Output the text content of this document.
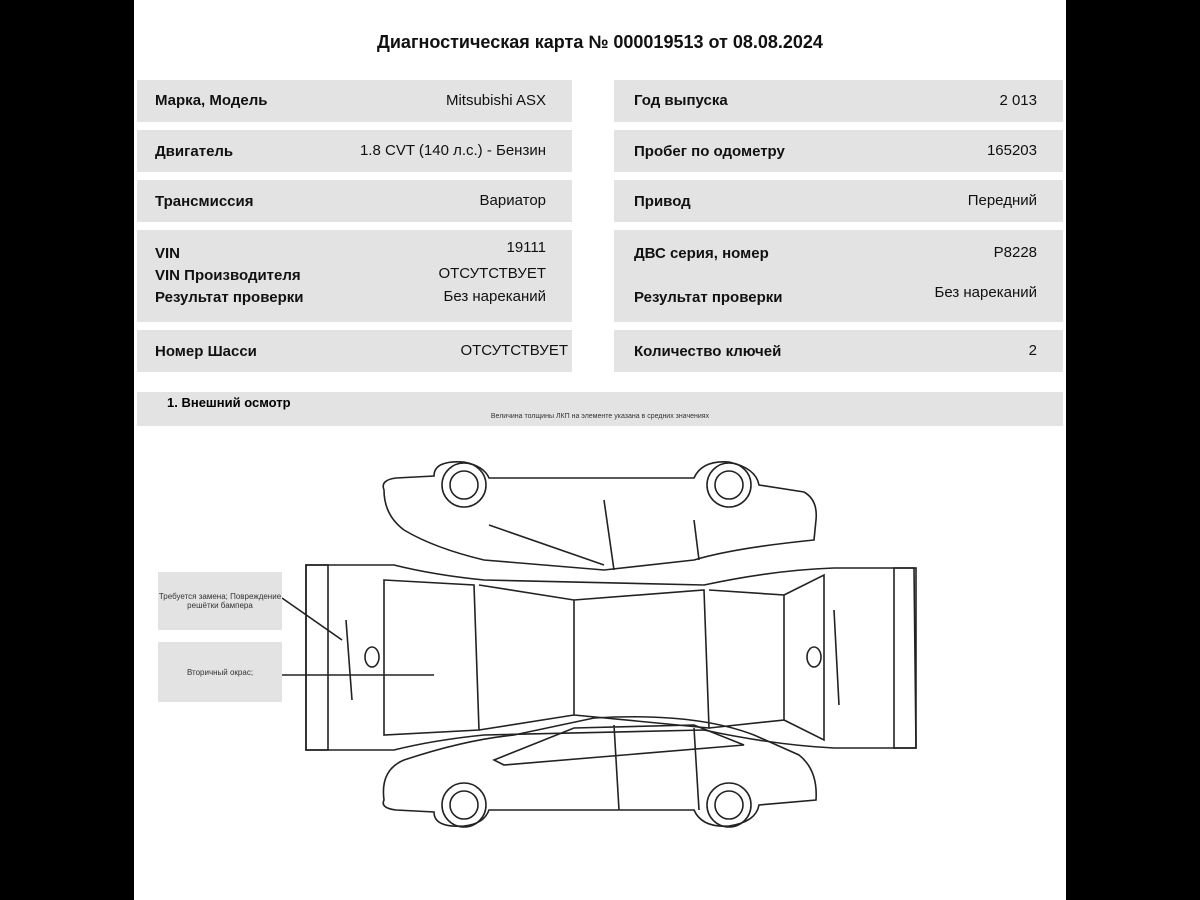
Диагностическая карта № 000019513 от 08.08.2024
Марка, Модель	Mitsubishi ASX
Двигатель	1.8 CVT (140 л.с.) - Бензин
Трансмиссия	Вариатор
VIN	19111
VIN Производителя	ОТСУТСТВУЕТ
Результат проверки	Без нареканий
Номер Шасси	ОТСУТСТВУЕТ
Год выпуска	2 013
Пробег по одометру	165203
Привод	Передний
ДВС серия, номер	P8228
Результат проверки	Без нареканий
Количество ключей	2
1. Внешний осмотр
Величина толщины ЛКП на элементе указана в средних значениях
Требуется замена; Повреждение решётки бампера
Вторичный окрас;
